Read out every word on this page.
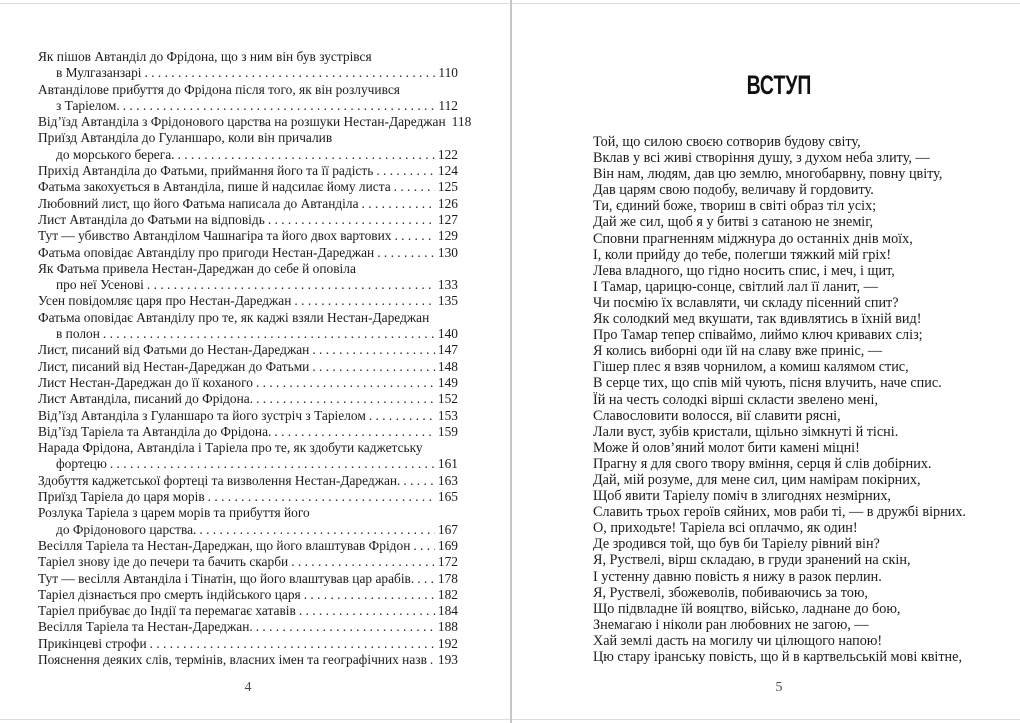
Як пішов Автанділ до Фрідона, що з ним він був зустрівся
в Мулгазанзарі . . .	110
Автанділове прибуття до Фрідона після того, як він розлучився
з Таріелом. . . .	112
Від’їзд Автанділа з Фрідонового царства на розшуки Нестан-Дареджан 118
Приїзд Автанділа до Гуланшаро, коли він причалив
до морського берега. . . .	122
Прихід Автанділа до Фатьми, приймання його та її радість . . .	124
Фатьма закохується в Автанділа, пише й надсилає йому листа . . .	125
Любовний лист, що його Фатьма написала до Автанділа . . .	126
Лист Автанділа до Фатьми на відповідь . . .	127
Тут — убивство Автанділом Чашнагіра та його двох вартових . . .	129
Фатьма оповідає Автанділу про пригоди Нестан-Дареджан . . .	130
Як Фатьма привела Нестан-Дареджан до себе й оповіла
про неї Усенові . . .	133
Усен повідомляє царя про Нестан-Дареджан . . .	135
Фатьма оповідає Автанділу про те, як каджі взяли Нестан-Дареджан
в полон . . .	140
Лист, писаний від Фатьми до Нестан-Дареджан . . .	147
Лист, писаний від Нестан-Дареджан до Фатьми . . .	148
Лист Нестан-Дареджан до її коханого . . .	149
Лист Автанділа, писаний до Фрідона. . . .	152
Від’їзд Автанділа з Гуланшаро та його зустріч з Таріелом . . .	153
Від’їзд Таріела та Автанділа до Фрідона. . . .	159
Нарада Фрідона, Автанділа і Таріела про те, як здобути каджетську
фортецю . . .	161
Здобуття каджетської фортеці та визволення Нестан-Дареджан. . . .	163
Приїзд Таріела до царя морів . . .	165
Розлука Таріела з царем морів та прибуття його
до Фрідонового царства. . . .	167
Весілля Таріела та Нестан-Дареджан, що його влаштував Фрідон . . . 169
Таріел знову іде до печери та бачить скарби . . .	172
Тут — весілля Автанділа і Тінатін, що його влаштував цар арабів. . . . 178
Таріел дізнається про смерть індійського царя . . .	182
Таріел прибуває до Індії та перемагає хатавів . . .	184
Весілля Таріела та Нестан-Дареджан. . . .	188
Прикінцеві строфи . . .	192
Пояснення деяких слів, термінів, власних імен та географічних назв . . . 193
4
ВСТУП
Той, що силою своєю сотворив будову світу,
Вклав у всі живі створіння душу, з духом неба злиту, —
Він нам, людям, дав цю землю, многобарвну, повну цвіту,
Дав царям свою подобу, величаву й гордовиту.
Ти, єдиний боже, твориш в світі образ тіл усіх;
Дай же сил, щоб я у битві з сатаною не знеміг,
Сповни прагненням міджнура до останніх днів моїх,
І, коли прийду до тебе, полегши тяжкий мій гріх!
Лева владного, що гідно носить спис, і меч, і щит,
І Тамар, царицю-сонце, світлий лал її ланит, —
Чи посмію їх вславляти, чи складу пісенний спит?
Як солодкий мед вкушати, так вдивлятись в їхній вид!
Про Тамар тепер співаймо, лиймо ключ кривавих сліз;
Я колись виборні оди їй на славу вже приніс, —
Гішер плес я взяв чорнилом, а комиш калямом стис,
В серце тих, що спів мій чують, пісня влучить, наче спис.
Їй на честь солодкі вірші скласти звелено мені,
Славословити волосся, вії славити рясні,
Лали вуст, зубів кристали, щільно зімкнуті й тісні.
Може й олов’яний молот бити камені міцні!
Прагну я для свого твору вміння, серця й слів добірних.
Дай, мій розуме, для мене сил, цим намірам покірних,
Щоб явити Таріелу поміч в злигоднях незмірних,
Славить трьох героїв сяйних, мов раби ті, — в дружбі вірних.
О, приходьте! Таріела всі оплачмо, як один!
Де зродився той, що був би Таріелу рівний він?
Я, Руствелі, вірш складаю, в груди зранений на скін,
І устенну давню повість я нижу в разок перлин.
Я, Руствелі, збожеволів, побиваючись за тою,
Що підвладне їй вояцтво, військо, ладнане до бою,
Знемагаю і ніколи ран любовних не загою, —
Хай землі дасть на могилу чи цілющого напою!
Цю стару іранську повість, що й в картвельській мові квітне,
5
